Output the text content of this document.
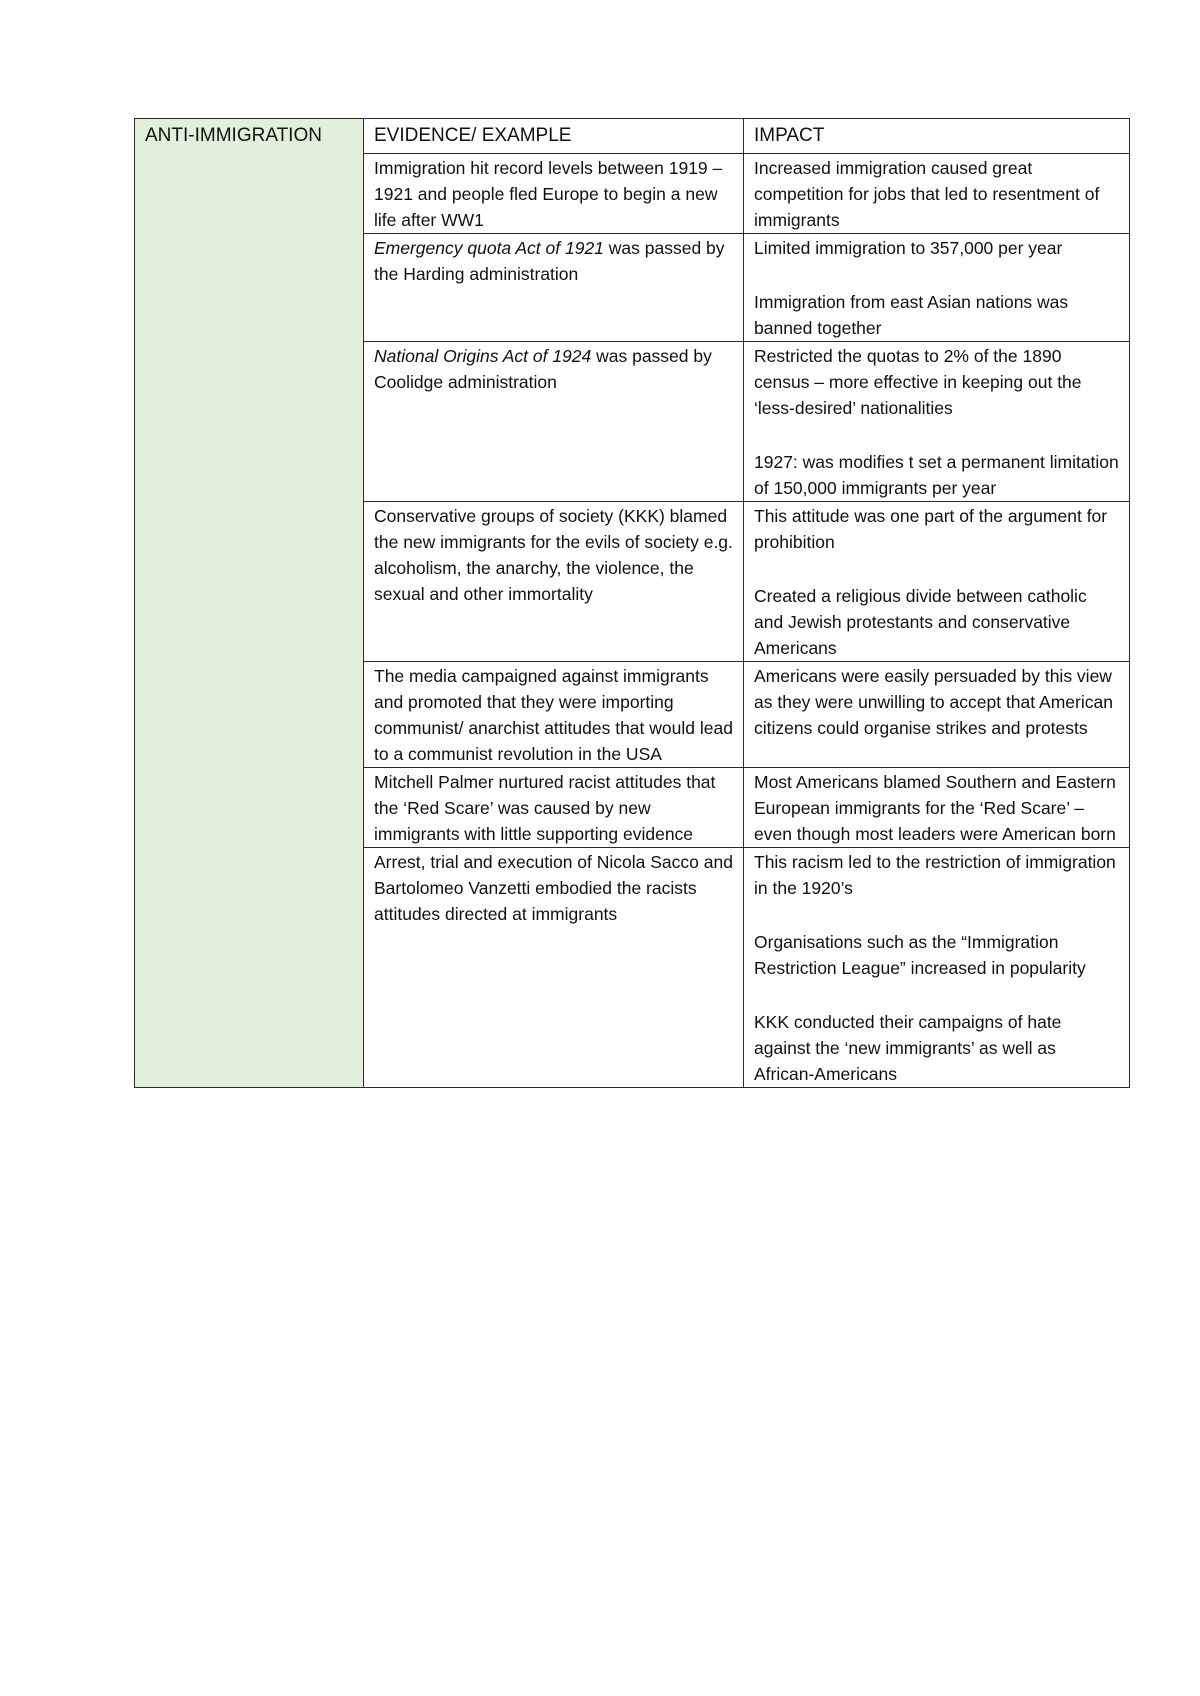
ANTI-IMMIGRATION	EVIDENCE/ EXAMPLE	IMPACT

	Immigration hit record levels between 1919 – 1921 and people fled Europe to begin a new life after WW1	Increased immigration caused great competition for jobs that led to resentment of immigrants

	Emergency quota Act of 1921 was passed by the Harding administration	Limited immigration to 357,000 per year
Immigration from east Asian nations was banned together

	National Origins Act of 1924 was passed by Coolidge administration	Restricted the quotas to 2% of the 1890 census – more effective in keeping out the ‘less-desired’ nationalities
1927: was modifies t set a permanent limitation of 150,000 immigrants per year

	Conservative groups of society (KKK) blamed the new immigrants for the evils of society e.g. alcoholism, the anarchy, the violence, the sexual and other immortality	This attitude was one part of the argument for prohibition
Created a religious divide between catholic and Jewish protestants and conservative Americans

	The media campaigned against immigrants and promoted that they were importing communist/ anarchist attitudes that would lead to a communist revolution in the USA	Americans were easily persuaded by this view as they were unwilling to accept that American citizens could organise strikes and protests

	Mitchell Palmer nurtured racist attitudes that the ‘Red Scare’ was caused by new immigrants with little supporting evidence	Most Americans blamed Southern and Eastern European immigrants for the ‘Red Scare’ – even though most leaders were American born

	Arrest, trial and execution of Nicola Sacco and Bartolomeo Vanzetti embodied the racists attitudes directed at immigrants	This racism led to the restriction of immigration in the 1920’s
Organisations such as the “Immigration Restriction League” increased in popularity
KKK conducted their campaigns of hate against the ‘new immigrants’ as well as African-Americans
